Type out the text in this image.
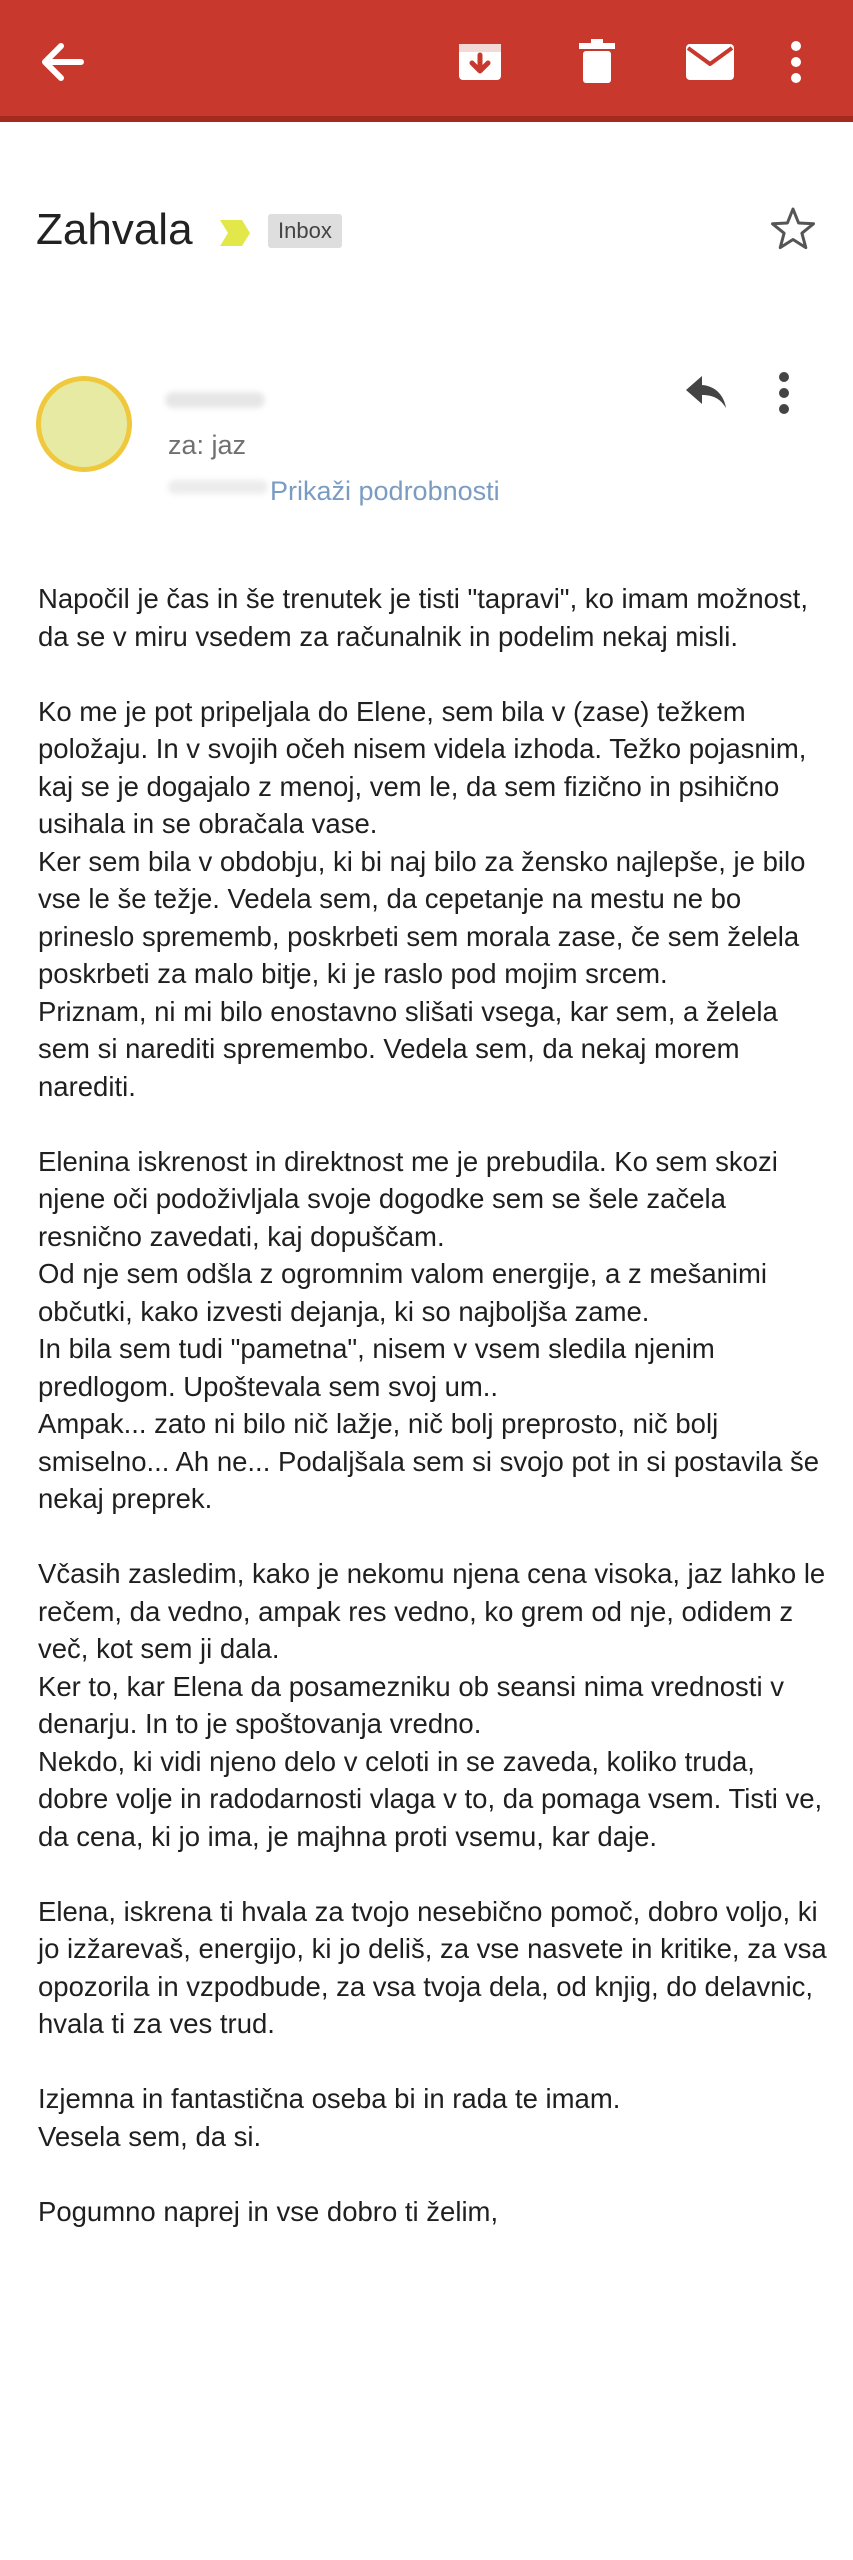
Zahvala	Inbox
za: jaz
Prikaži podrobnosti

Napočil je čas in še trenutek je tisti "tapravi", ko imam možnost, da se v miru vsedem za računalnik in podelim nekaj misli.

Ko me je pot pripeljala do Elene, sem bila v (zase) težkem položaju. In v svojih očeh nisem videla izhoda. Težko pojasnim, kaj se je dogajalo z menoj, vem le, da sem fizično in psihično usihala in se obračala vase.

Ker sem bila v obdobju, ki bi naj bilo za žensko najlepše, je bilo vse le še težje. Vedela sem, da cepetanje na mestu ne bo prineslo sprememb, poskrbeti sem morala zase, če sem želela poskrbeti za malo bitje, ki je raslo pod mojim srcem.

Priznam, ni mi bilo enostavno slišati vsega, kar sem, a želela sem si narediti spremembo. Vedela sem, da nekaj morem narediti.

Elenina iskrenost in direktnost me je prebudila. Ko sem skozi njene oči podoživljala svoje dogodke sem se šele začela resnično zavedati, kaj dopuščam.

Od nje sem odšla z ogromnim valom energije, a z mešanimi občutki, kako izvesti dejanja, ki so najboljša zame.

In bila sem tudi "pametna", nisem v vsem sledila njenim predlogom. Upoštevala sem svoj um..

Ampak... zato ni bilo nič lažje, nič bolj preprosto, nič bolj smiselno... Ah ne... Podaljšala sem si svojo pot in si postavila še nekaj preprek.

Včasih zasledim, kako je nekomu njena cena visoka, jaz lahko le rečem, da vedno, ampak res vedno, ko grem od nje, odidem z več, kot sem ji dala.

Ker to, kar Elena da posamezniku ob seansi nima vrednosti v denarju. In to je spoštovanja vredno.

Nekdo, ki vidi njeno delo v celoti in se zaveda, koliko truda, dobre volje in radodarnosti vlaga v to, da pomaga vsem. Tisti ve, da cena, ki jo ima, je majhna proti vsemu, kar daje.

Elena, iskrena ti hvala za tvojo nesebično pomoč, dobro voljo, ki jo izžarevaš, energijo, ki jo deliš, za vse nasvete in kritike, za vsa opozorila in vzpodbude, za vsa tvoja dela, od knjig, do delavnic, hvala ti za ves trud.

Izjemna in fantastična oseba bi in rada te imam.

Vesela sem, da si.

Pogumno naprej in vse dobro ti želim,
